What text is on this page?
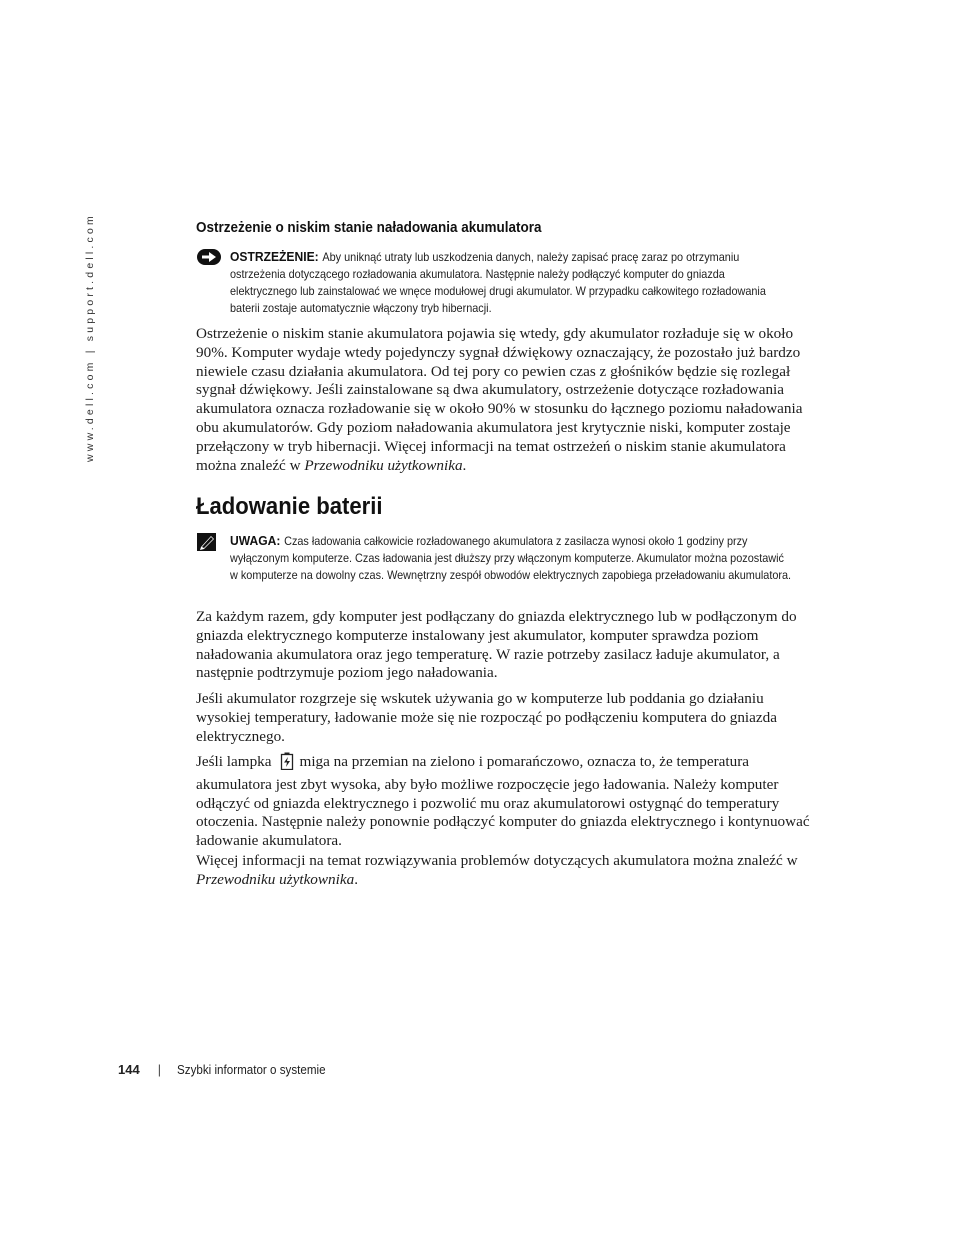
www.dell.com | support.dell.com	Ostrzeżenie o niskim stanie naładowania akumulatora
OSTRZEŻENIE: Aby uniknąć utraty lub uszkodzenia danych, należy zapisać pracę zaraz po otrzymaniu ostrzeżenia dotyczącego rozładowania akumulatora. Następnie należy podłączyć komputer do gniazda elektrycznego lub zainstalować we wnęce modułowej drugi akumulator. W przypadku całkowitego rozładowania baterii zostaje automatycznie włączony tryb hibernacji.

Ostrzeżenie o niskim stanie akumulatora pojawia się wtedy, gdy akumulator rozładuje się w około 90%. Komputer wydaje wtedy pojedynczy sygnał dźwiękowy oznaczający, że pozostało już bardzo niewiele czasu działania akumulatora. Od tej pory co pewien czas z głośników będzie się rozlegał sygnał dźwiękowy. Jeśli zainstalowane są dwa akumulatory, ostrzeżenie dotyczące rozładowania akumulatora oznacza rozładowanie się w około 90% w stosunku do łącznego poziomu naładowania obu akumulatorów. Gdy poziom naładowania akumulatora jest krytycznie niski, komputer zostaje przełączony w tryb hibernacji. Więcej informacji na temat ostrzeżeń o niskim stanie akumulatora można znaleźć w Przewodniku użytkownika.

Ładowanie baterii
UWAGA: Czas ładowania całkowicie rozładowanego akumulatora z zasilacza wynosi około 1 godziny przy wyłączonym komputerze. Czas ładowania jest dłuższy przy włączonym komputerze. Akumulator można pozostawić w komputerze na dowolny czas. Wewnętrzny zespół obwodów elektrycznych zapobiega przeładowaniu akumulatora.

Za każdym razem, gdy komputer jest podłączany do gniazda elektrycznego lub w podłączonym do gniazda elektrycznego komputerze instalowany jest akumulator, komputer sprawdza poziom naładowania akumulatora oraz jego temperaturę. W razie potrzeby zasilacz ładuje akumulator, a następnie podtrzymuje poziom jego naładowania.

Jeśli akumulator rozgrzeje się wskutek używania go w komputerze lub poddania go działaniu wysokiej temperatury, ładowanie może się nie rozpocząć po podłączeniu komputera do gniazda elektrycznego.

Jeśli lampka miga na przemian na zielono i pomarańczowo, oznacza to, że temperatura akumulatora jest zbyt wysoka, aby było możliwe rozpoczęcie jego ładowania. Należy komputer odłączyć od gniazda elektrycznego i pozwolić mu oraz akumulatorowi ostygnąć do temperatury otoczenia. Następnie należy ponownie podłączyć komputer do gniazda elektrycznego i kontynuować ładowanie akumulatora.

Więcej informacji na temat rozwiązywania problemów dotyczących akumulatora można znaleźć w Przewodniku użytkownika.

144 | Szybki informator o systemie
